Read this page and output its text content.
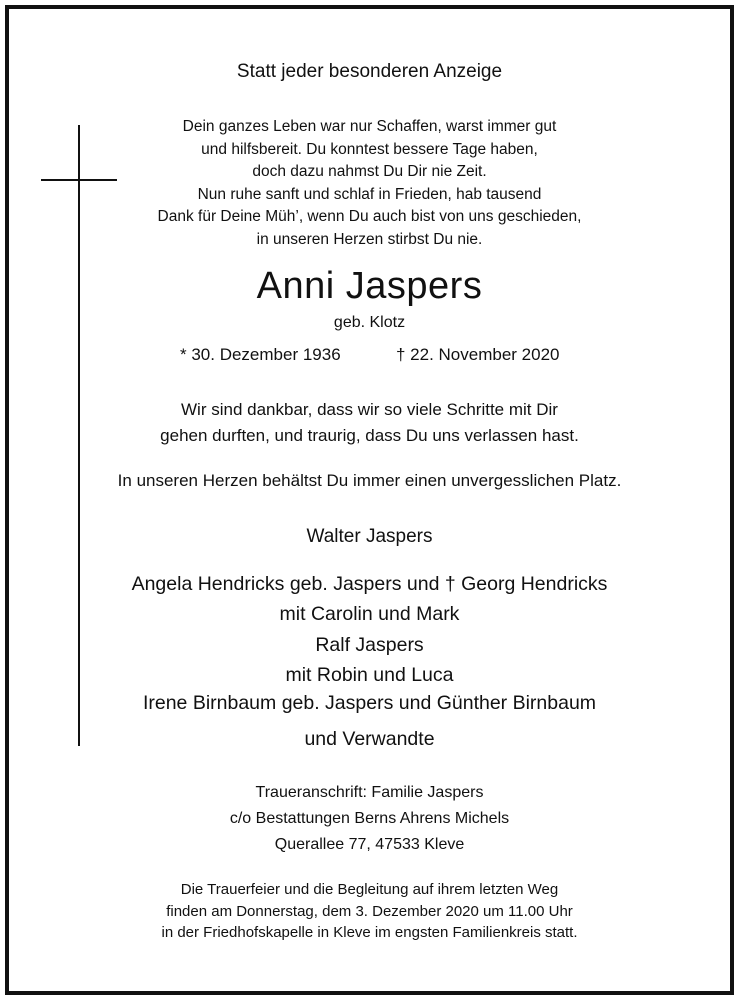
Statt jeder besonderen Anzeige
Dein ganzes Leben war nur Schaffen, warst immer gut
und hilfsbereit. Du konntest bessere Tage haben,
doch dazu nahmst Du Dir nie Zeit.
Nun ruhe sanft und schlaf in Frieden, hab tausend
Dank für Deine Müh’, wenn Du auch bist von uns geschieden,
in unseren Herzen stirbst Du nie.
Anni Jaspers
geb. Klotz
* 30. Dezember 1936	† 22. November 2020
Wir sind dankbar, dass wir so viele Schritte mit Dir
gehen durften, und traurig, dass Du uns verlassen hast.
In unseren Herzen behältst Du immer einen unvergesslichen Platz.
Walter Jaspers
Angela Hendricks geb. Jaspers und † Georg Hendricks
mit Carolin und Mark
Ralf Jaspers
mit Robin und Luca
Irene Birnbaum geb. Jaspers und Günther Birnbaum
und Verwandte
Traueranschrift: Familie Jaspers
c/o Bestattungen Berns Ahrens Michels
Querallee 77, 47533 Kleve
Die Trauerfeier und die Begleitung auf ihrem letzten Weg
finden am Donnerstag, dem 3. Dezember 2020 um 11.00 Uhr
in der Friedhofskapelle in Kleve im engsten Familienkreis statt.
